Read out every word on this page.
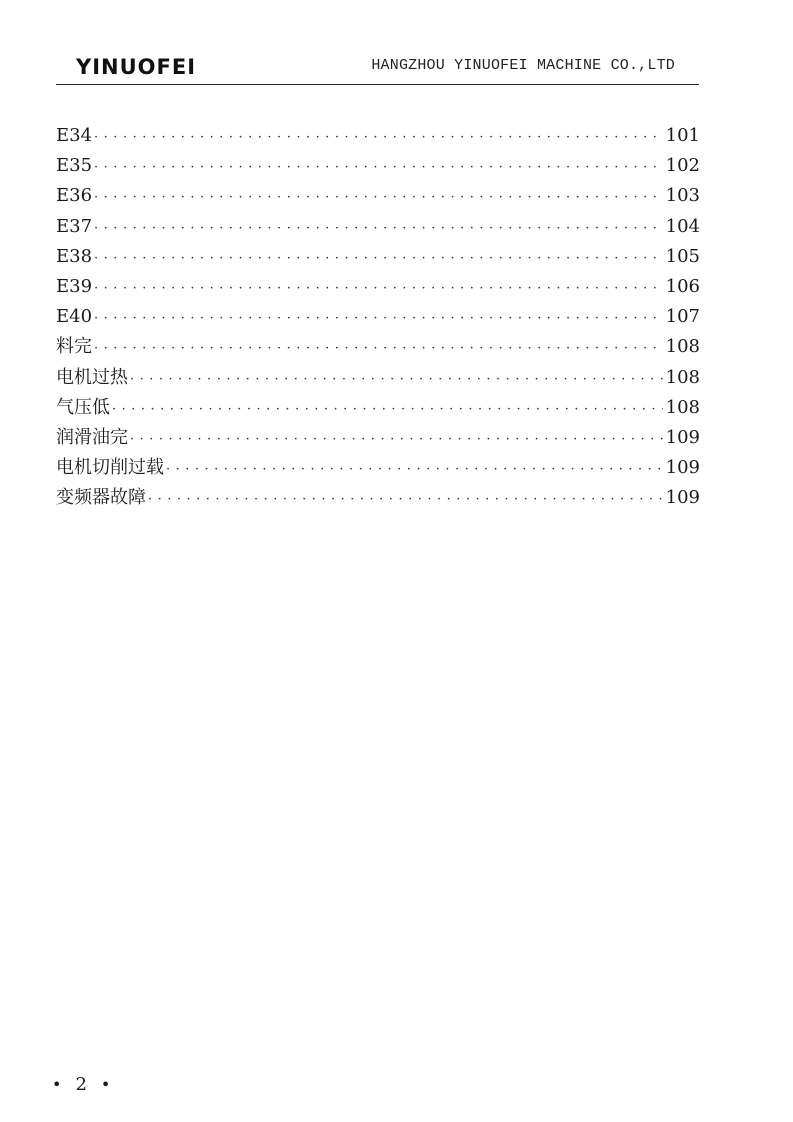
YINUOFEI	HANGZHOU YINUOFEI MACHINE CO.,LTD
E34 ·····	101
E35 ·····	102
E36 ·····	103
E37 ·····	104
E38 ·····	105
E39 ·····	106
E40 ·····	107
料完 ·····	108
电机过热 ·····	108
气压低 ·····	108
润滑油完 ·····	109
电机切削过载 ·····	109
变频器故障 ·····	109
• 2 •
